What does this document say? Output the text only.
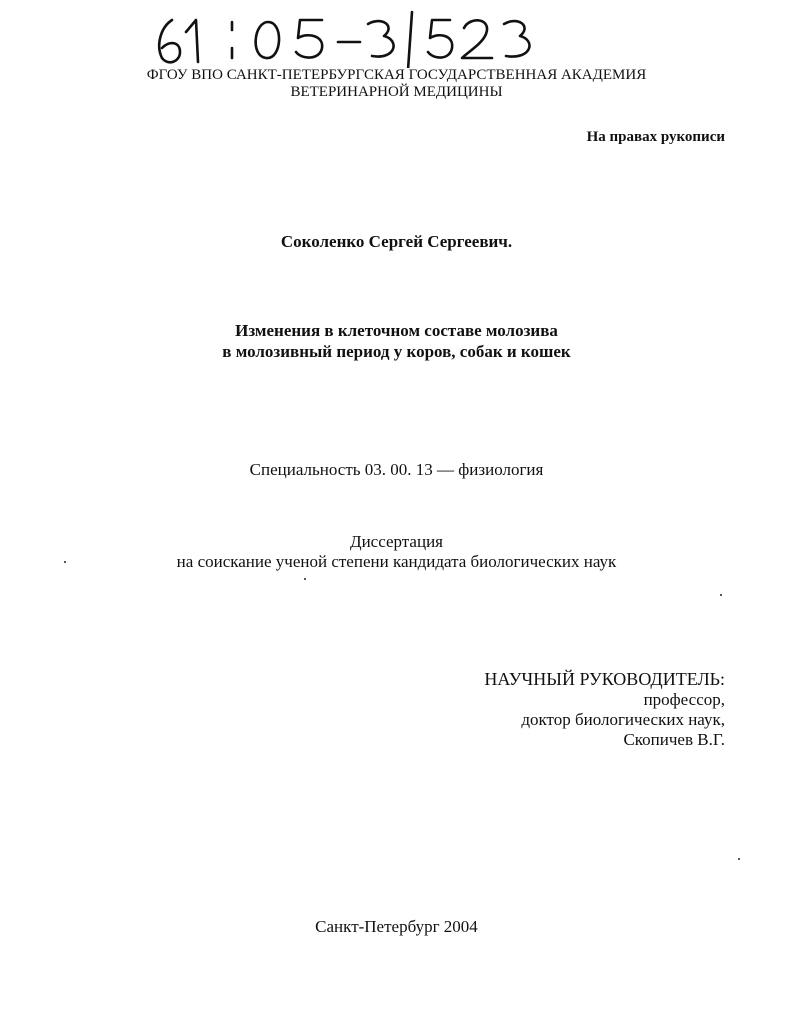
ФГОУ ВПО САНКТ-ПЕТЕРБУРГСКАЯ ГОСУДАРСТВЕННАЯ АКАДЕМИЯ
ВЕТЕРИНАРНОЙ МЕДИЦИНЫ
На правах рукописи
Соколенко Сергей Сергеевич.
Изменения в клеточном составе молозива
в молозивный период у коров, собак и кошек
Специальность 03. 00. 13 — физиология
Диссертация
на соискание ученой степени кандидата биологических наук
НАУЧНЫЙ РУКОВОДИТЕЛЬ:
профессор,
доктор биологических наук,
Скопичев В.Г.
Санкт-Петербург 2004
